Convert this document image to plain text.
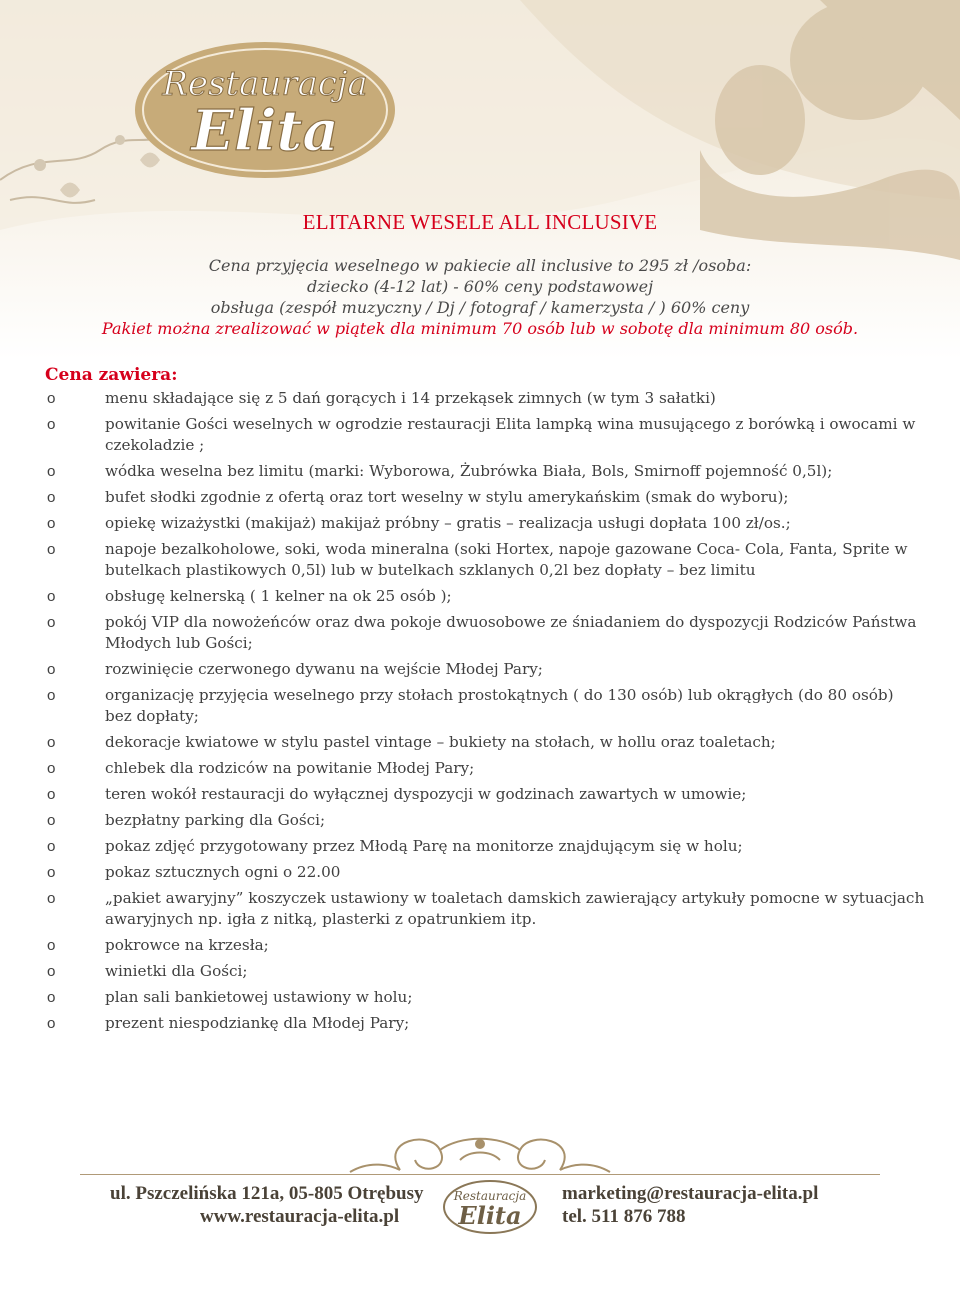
Restauracja
Elita
ELITARNE WESELE ALL INCLUSIVE
Cena przyjęcia weselnego w pakiecie all inclusive to 295 zł /osoba:
dziecko (4-12 lat) - 60% ceny podstawowej
obsługa (zespół muzyczny / Dj / fotograf / kamerzysta / ) 60% ceny
Pakiet można zrealizować w piątek dla minimum 70 osób lub w sobotę dla minimum 80 osób.
Cena zawiera:
o menu składające się z 5 dań gorących i 14 przekąsek zimnych (w tym 3 sałatki)
o powitanie Gości weselnych w ogrodzie restauracji Elita lampką wina musującego z borówką i owocami w czekoladzie ;
o wódka weselna bez limitu (marki: Wyborowa, Żubrówka Biała, Bols, Smirnoff pojemność 0,5l);
o bufet słodki zgodnie z ofertą oraz tort weselny w stylu amerykańskim (smak do wyboru);
o opiekę wizażystki (makijaż) makijaż próbny – gratis – realizacja usługi dopłata 100 zł/os.;
o napoje bezalkoholowe, soki, woda mineralna (soki Hortex, napoje gazowane Coca- Cola, Fanta, Sprite w butelkach plastikowych 0,5l) lub w butelkach szklanych 0,2l bez dopłaty – bez limitu
o obsługę kelnerską ( 1 kelner na ok 25 osób );
o pokój VIP dla nowożeńców oraz dwa pokoje dwuosobowe ze śniadaniem do dyspozycji Rodziców Państwa Młodych lub Gości;
o rozwinięcie czerwonego dywanu na wejście Młodej Pary;
o organizację przyjęcia weselnego przy stołach prostokątnych ( do 130 osób) lub okrągłych (do 80 osób) bez dopłaty;
o dekoracje kwiatowe w stylu pastel vintage – bukiety na stołach, w hollu oraz toaletach;
o chlebek dla rodziców na powitanie Młodej Pary;
o teren wokół restauracji do wyłącznej dyspozycji w godzinach zawartych w umowie;
o bezpłatny parking dla Gości;
o pokaz zdjęć przygotowany przez Młodą Parę na monitorze znajdującym się w holu;
o pokaz sztucznych ogni o 22.00
o „pakiet awaryjny” koszyczek ustawiony w toaletach damskich zawierający artykuły pomocne w sytuacjach awaryjnych np. igła z nitką, plasterki z opatrunkiem itp.
o pokrowce na krzesła;
o winietki dla Gości;
o plan sali bankietowej ustawiony w holu;
o prezent niespodziankę dla Młodej Pary;
ul. Pszczelińska 121a, 05-805 Otrębusy
www.restauracja-elita.pl
marketing@restauracja-elita.pl
tel. 511 876 788
Restauracja
Elita
